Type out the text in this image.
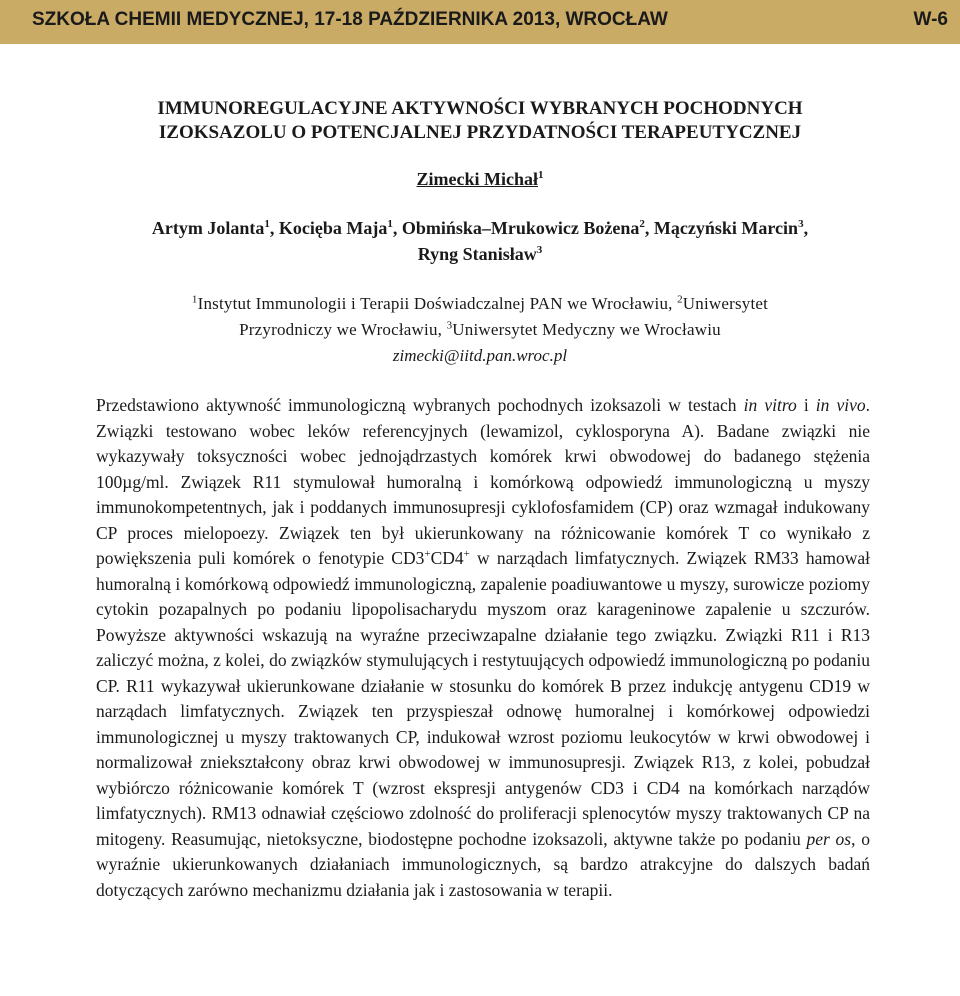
SZKOŁA CHEMII MEDYCZNEJ, 17-18 PAŹDZIERNIKA 2013, WROCŁAW	W-6
IMMUNOREGULACYJNE AKTYWNOŚCI WYBRANYCH POCHODNYCH
IZOKSAZOLU O POTENCJALNEJ PRZYDATNOŚCI TERAPEUTYCZNEJ
Zimecki Michał$^1$
Artym Jolanta$^1$, Kocięba Maja$^1$, Obmińska–Mrukowicz Bożena$^2$, Mączyński Marcin$^3$,
Ryng Stanisław$^3$
$^1$Instytut Immunologii i Terapii Doświadczalnej PAN we Wrocławiu, $^2$Uniwersytet
Przyrodniczy we Wrocławiu, $^3$Uniwersytet Medyczny we Wrocławiu
zimecki@iitd.pan.wroc.pl
Przedstawiono aktywność immunologiczną wybranych pochodnych izoksazoli w testach in vitro i in vivo. Związki testowano wobec leków referencyjnych (lewamizol, cyklosporyna A). Badane związki nie wykazywały toksyczności wobec jednojądrzastych komórek krwi obwodowej do badanego stężenia 100µg/ml. Związek R11 stymulował humoralną i komórkową odpowiedź immunologiczną u myszy immunokompetentnych, jak i poddanych immunosupresji cyklofosfamidem (CP) oraz wzmagał indukowany CP proces mielopoezy. Związek ten był ukierunkowany na różnicowanie komórek T co wynikało z powiększenia puli komórek o fenotypie CD3+CD4+ w narządach limfatycznych. Związek RM33 hamował humoralną i komórkową odpowiedź immunologiczną, zapalenie poadiuwantowe u myszy, surowicze poziomy cytokin pozapalnych po podaniu lipopolisacharydu myszom oraz karageninowe zapalenie u szczurów. Powyższe aktywności wskazują na wyraźne przeciwzapalne działanie tego związku. Związki R11 i R13 zaliczyć można, z kolei, do związków stymulujących i restytuujących odpowiedź immunologiczną po podaniu CP. R11 wykazywał ukierunkowane działanie w stosunku do komórek B przez indukcję antygenu CD19 w narządach limfatycznych. Związek ten przyspieszał odnowę humoralnej i komórkowej odpowiedzi immunologicznej u myszy traktowanych CP, indukował wzrost poziomu leukocytów w krwi obwodowej i normalizował zniekształcony obraz krwi obwodowej w immunosupresji. Związek R13, z kolei, pobudzał wybiórczo różnicowanie komórek T (wzrost ekspresji antygenów CD3 i CD4 na komórkach narządów limfatycznych). RM13 odnawiał częściowo zdolność do proliferacji splenocytów myszy traktowanych CP na mitogeny. Reasumując, nietoksyczne, biodostępne pochodne izoksazoli, aktywne także po podaniu per os, o wyraźnie ukierunkowanych działaniach immunologicznych, są bardzo atrakcyjne do dalszych badań dotyczących zarówno mechanizmu działania jak i zastosowania w terapii.
